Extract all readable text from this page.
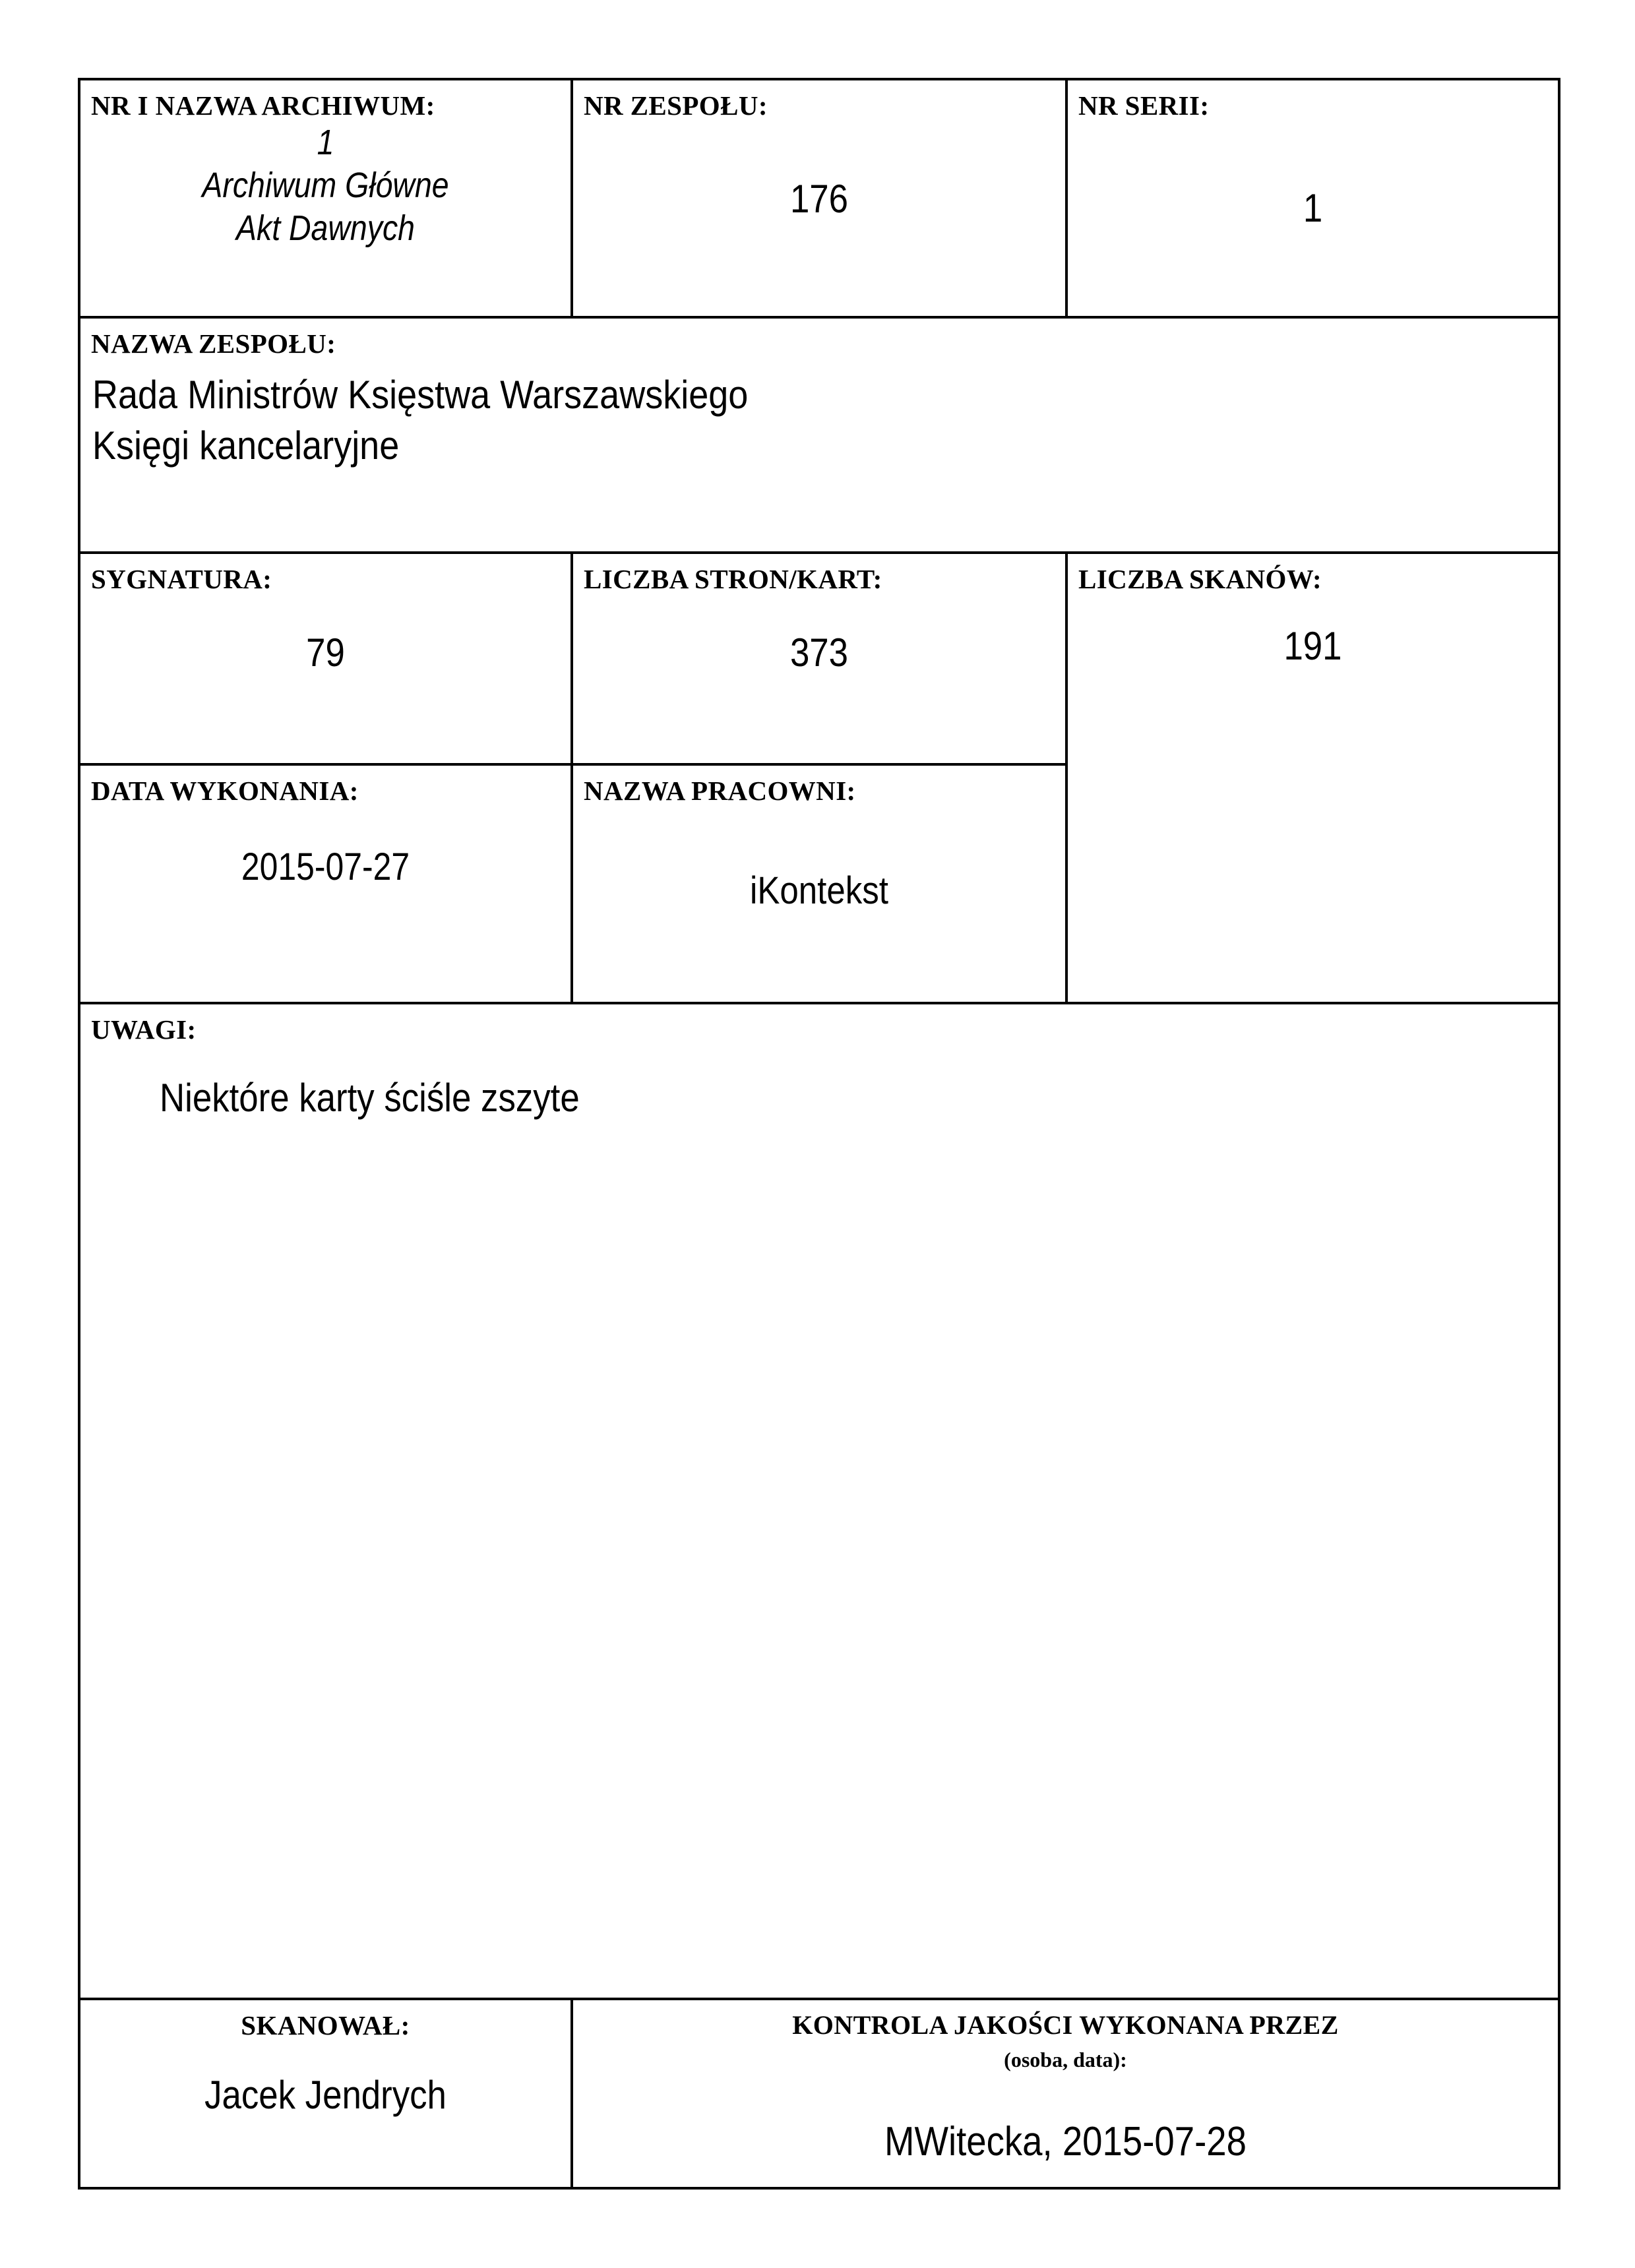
NR I NAZWA ARCHIWUM:
1
Archiwum Główne
Akt Dawnych	NR ZESPOŁU:
176	NR SERII:
1

NAZWA ZESPOŁU:
Rada Ministrów Księstwa Warszawskiego
Księgi kancelaryjne		

SYGNATURA:
79	LICZBA STRON/KART:
373	LICZBA SKANÓW:
191

DATA WYKONANIA:
2015-07-27	NAZWA PRACOWNI:
iKontekst	

UWAGI:
Niektóre karty ściśle zszyte		

SKANOWAŁ:
Jacek Jendrych	KONTROLA JAKOŚCI WYKONANA PRZEZ
(osoba, data):
MWitecka, 2015-07-28	
